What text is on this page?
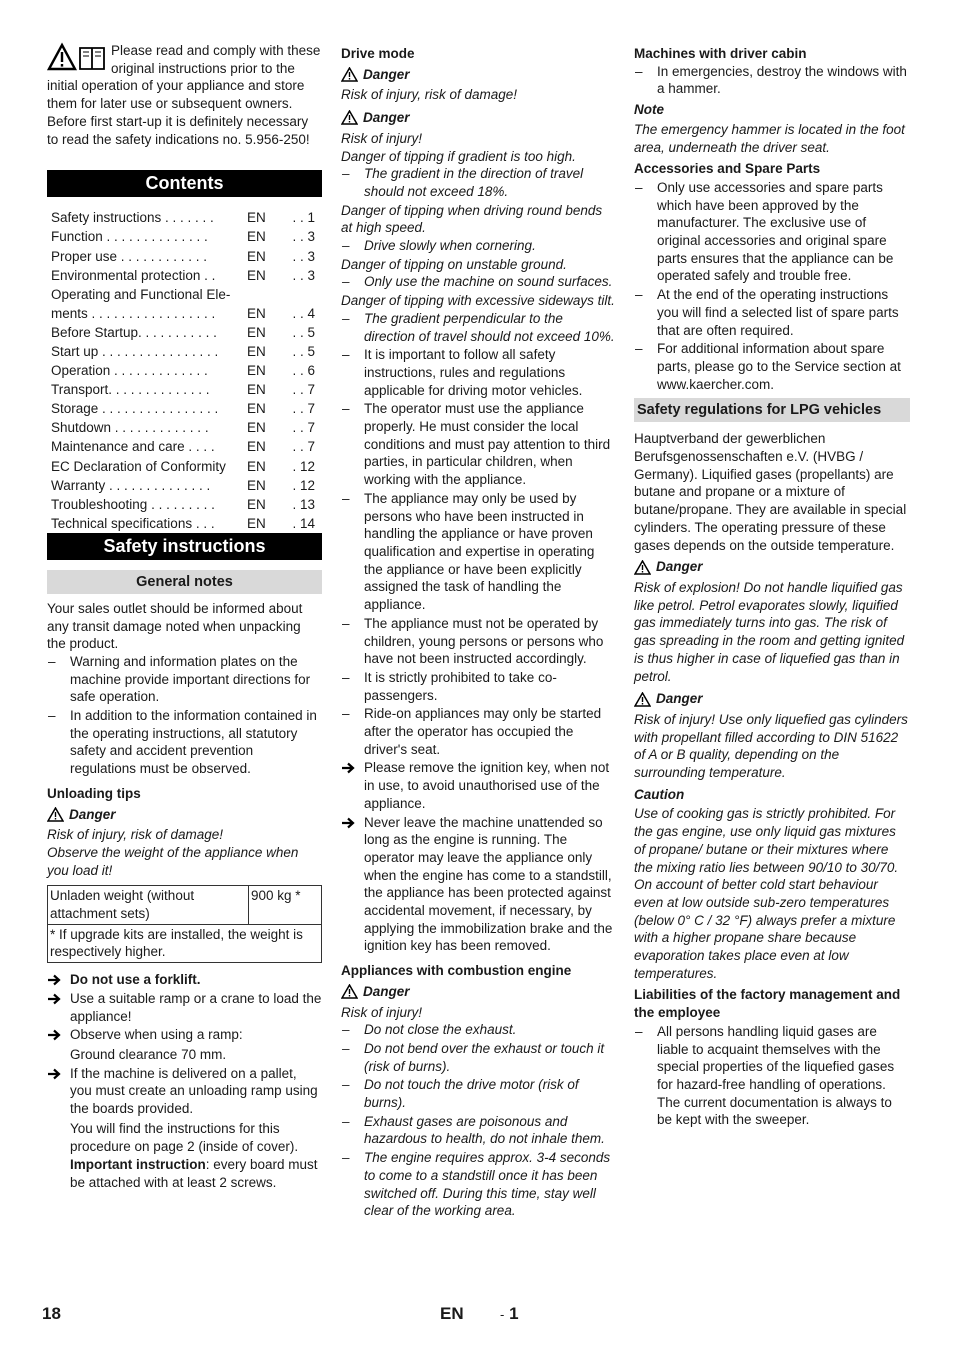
Please read and comply with these original instructions prior to the initial operation of your appliance and store them for later use or subsequent owners.

Before first start-up it is definitely necessary to read the safety indications no. 5.956-250!

Contents
Safety instructions . . . . . . .	EN	. . 1
Function . . . . . . . . . . . . . .	EN	. . 3
Proper use . . . . . . . . . . . .	EN	. . 3
Environmental protection . .	EN	. . 3
Operating and Functional Ele-		
ments . . . . . . . . . . . . . . . . .	EN	. . 4
Before Startup. . . . . . . . . . .	EN	. . 5
Start up . . . . . . . . . . . . . . . .	EN	. . 5
Operation . . . . . . . . . . . . .	EN	. . 6
Transport. . . . . . . . . . . . . .	EN	. . 7
Storage . . . . . . . . . . . . . . . .	EN	. . 7
Shutdown . . . . . . . . . . . . .	EN	. . 7
Maintenance and care . . . .	EN	. . 7
EC Declaration of Conformity	EN	. 12
Warranty . . . . . . . . . . . . . .	EN	. 12
Troubleshooting . . . . . . . . .	EN	. 13
Technical specifications . . .	EN	. 14
Safety instructions
General notes

Your sales outlet should be informed about any transit damage noted when unpacking the product.

– Warning and information plates on the machine provide important directions for safe operation.
– In addition to the information contained in the operating instructions, all statutory safety and accident prevention regulations must be observed.

Unloading tips

Danger

Risk of injury, risk of damage!

Observe the weight of the appliance when you load it!

Unladen weight (without attachment sets)	900 kg *
* If upgrade kits are installed, the weight is respectively higher.
Do not use a forklift.
Use a suitable ramp or a crane to load the appliance!
Observe when using a ramp:

Ground clearance 70 mm.

If the machine is delivered on a pallet, you must create an unloading ramp using the boards provided.

You will find the instructions for this procedure on page 2 (inside of cover).

Important instruction: every board must be attached with at least 2 screws.

Drive mode

Danger

Risk of injury, risk of damage!

Danger

Risk of injury!

Danger of tipping if gradient is too high.

– The gradient in the direction of travel should not exceed 18%.

Danger of tipping when driving round bends at high speed.

– Drive slowly when cornering.

Danger of tipping on unstable ground.

– Only use the machine on sound surfaces.

Danger of tipping with excessive sideways tilt.

– The gradient perpendicular to the direction of travel should not exceed 10%.
– It is important to follow all safety instructions, rules and regulations applicable for driving motor vehicles.
– The operator must use the appliance properly. He must consider the local conditions and must pay attention to third parties, in particular children, when working with the appliance.
– The appliance may only be used by persons who have been instructed in handling the appliance or have proven qualification and expertise in operating the appliance or have been explicitly assigned the task of handling the appliance.
– The appliance must not be operated by children, young persons or persons who have not been instructed accordingly.
– It is strictly prohibited to take co-passengers.
– Ride-on appliances may only be started after the operator has occupied the driver's seat.
Please remove the ignition key, when not in use, to avoid unauthorised use of the appliance.
Never leave the machine unattended so long as the engine is running. The operator may leave the appliance only when the engine has come to a standstill, the appliance has been protected against accidental movement, if necessary, by applying the immobilization brake and the ignition key has been removed.

Appliances with combustion engine

Danger

Risk of injury!

– Do not close the exhaust.
– Do not bend over the exhaust or touch it (risk of burns).
– Do not touch the drive motor (risk of burns).
– Exhaust gases are poisonous and hazardous to health, do not inhale them.
– The engine requires approx. 3-4 seconds to come to a standstill once it has been switched off. During this time, stay well clear of the working area.

Machines with driver cabin

– In emergencies, destroy the windows with a hammer.

Note

The emergency hammer is located in the foot area, underneath the driver seat.

Accessories and Spare Parts

– Only use accessories and spare parts which have been approved by the manufacturer. The exclusive use of original accessories and original spare parts ensures that the appliance can be operated safely and trouble free.
– At the end of the operating instructions you will find a selected list of spare parts that are often required.
– For additional information about spare parts, please go to the Service section at www.kaercher.com.
Safety regulations for LPG vehicles

Hauptverband der gewerblichen Berufsgenossenschaften e.V. (HVBG / Germany). Liquified gases (propellants) are butane and propane or a mixture of butane/propane. They are available in special cylinders. The operating pressure of these gases depends on the outside temperature.

Danger

Risk of explosion! Do not handle liquified gas like petrol. Petrol evaporates slowly, liquified gas immediately turns into gas. The risk of gas spreading in the room and getting ignited is thus higher in case of liquefied gas than in petrol.

Danger

Risk of injury! Use only liquefied gas cylinders with propellant filled according to DIN 51622 of A or B quality, depending on the surrounding temperature.

Caution

Use of cooking gas is strictly prohibited. For the gas engine, use only liquid gas mixtures of propane/ butane or their mixtures where the mixing ratio lies between 90/10 to 30/70. On account of better cold start behaviour even at low outside sub-zero temperatures (below 0° C / 32 °F) always prefer a mixture with a higher propane share because evaporation takes place even at low temperatures.

Liabilities of the factory management and the employee

– All persons handling liquid gases are liable to acquaint themselves with the special properties of the liquefied gases for hazard-free handling of operations. The current documentation is always to be kept with the sweeper.
18	EN	- 1
